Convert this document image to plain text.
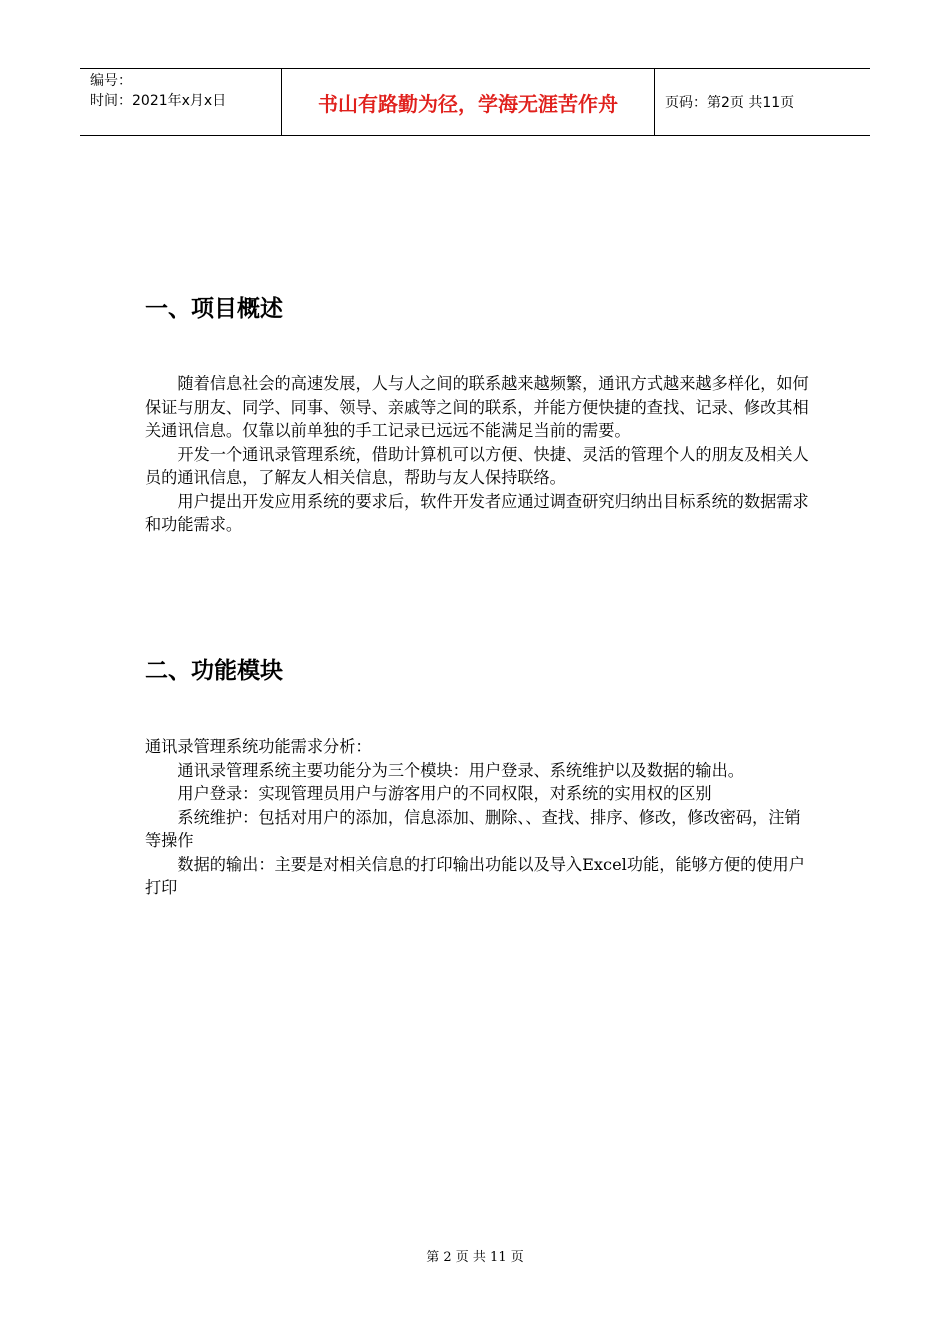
编号：
时间：2021年x月x日	书山有路勤为径，学海无涯苦作舟	页码：第2页 共11页
一、项目概述

随着信息社会的高速发展，人与人之间的联系越来越频繁，通讯方式越来越多样化，如何保证与朋友、同学、同事、领导、亲戚等之间的联系，并能方便快捷的查找、记录、修改其相关通讯信息。仅靠以前单独的手工记录已远远不能满足当前的需要。

开发一个通讯录管理系统，借助计算机可以方便、快捷、灵活的管理个人的朋友及相关人员的通讯信息，了解友人相关信息，帮助与友人保持联络。

用户提出开发应用系统的要求后，软件开发者应通过调查研究归纳出目标系统的数据需求和功能需求。

二、功能模块

通讯录管理系统功能需求分析：

通讯录管理系统主要功能分为三个模块：用户登录、系统维护以及数据的输出。

用户登录：实现管理员用户与游客用户的不同权限，对系统的实用权的区别

系统维护：包括对用户的添加，信息添加、删除、、查找、排序、修改，修改密码，注销等操作

数据的输出：主要是对相关信息的打印输出功能以及导入Excel功能，能够方便的使用户打印

第 2 页 共 11 页
